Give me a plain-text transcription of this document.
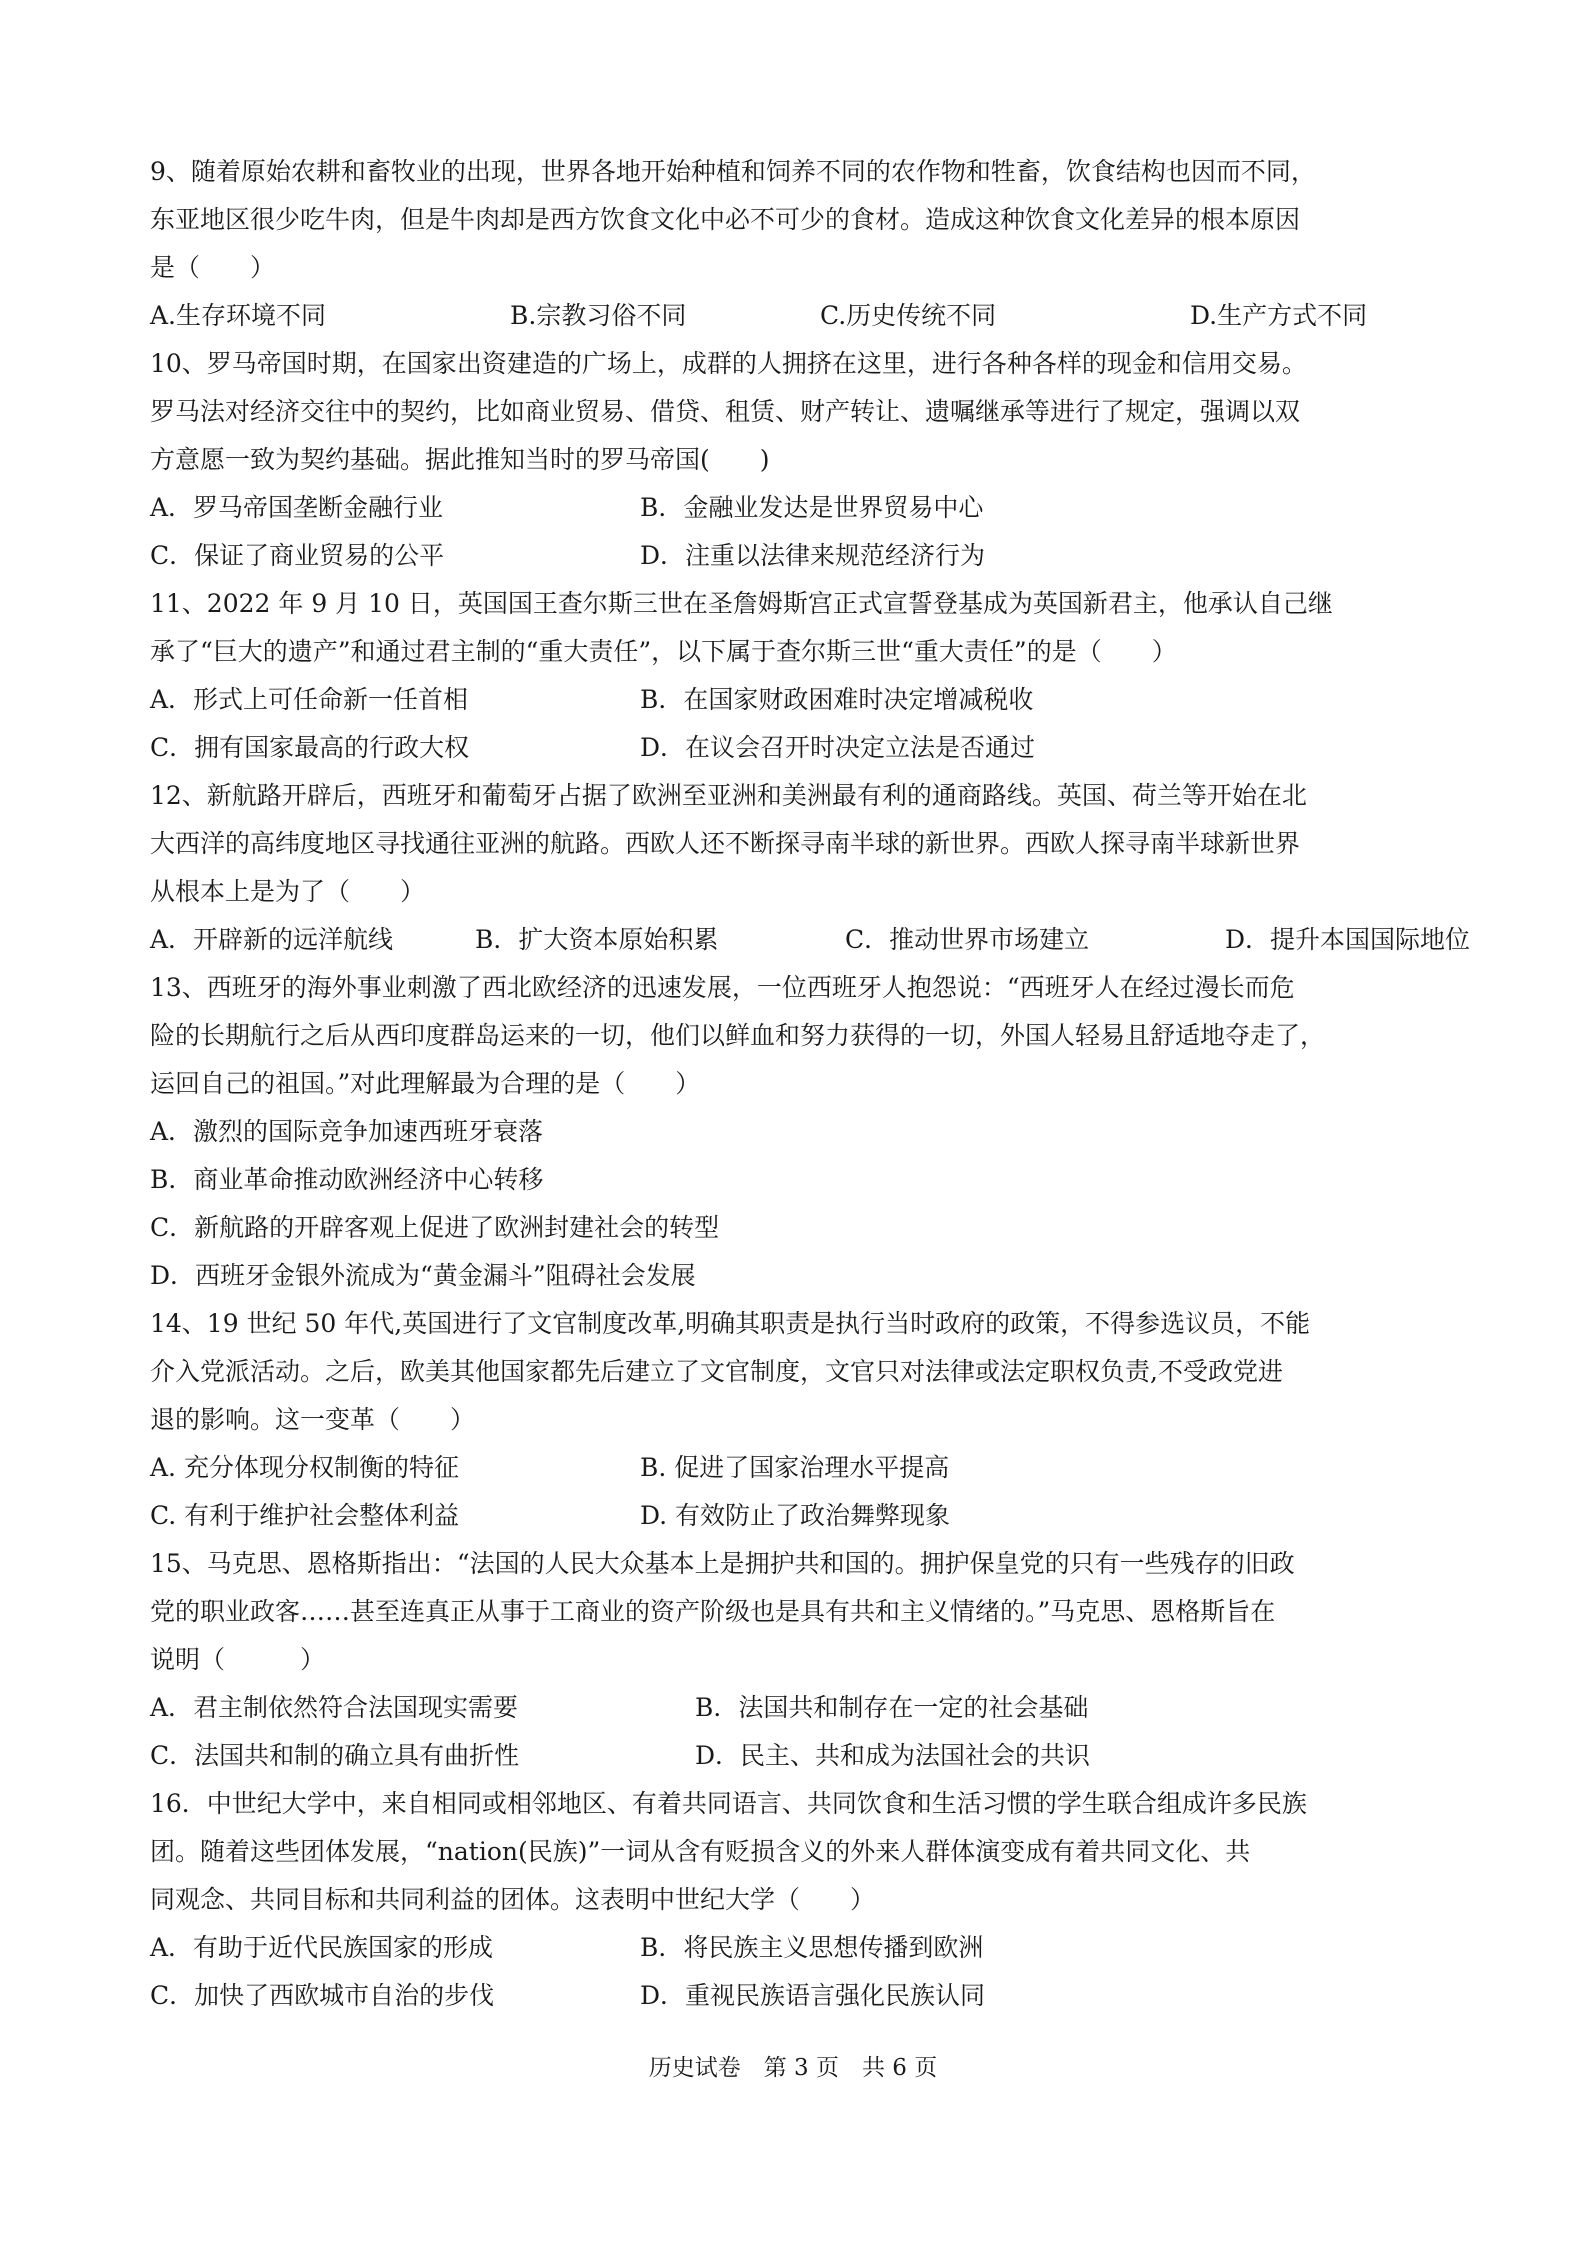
9、随着原始农耕和畜牧业的出现，世界各地开始种植和饲养不同的农作物和牲畜，饮食结构也因而不同，
东亚地区很少吃牛肉，但是牛肉却是西方饮食文化中必不可少的食材。造成这种饮食文化差异的根本原因
是（　　）
A.生存环境不同	B.宗教习俗不同	C.历史传统不同	D.生产方式不同
10、罗马帝国时期，在国家出资建造的广场上，成群的人拥挤在这里，进行各种各样的现金和信用交易。
罗马法对经济交往中的契约，比如商业贸易、借贷、租赁、财产转让、遗嘱继承等进行了规定，强调以双
方意愿一致为契约基础。据此推知当时的罗马帝国(　　)
A．罗马帝国垄断金融行业	B．金融业发达是世界贸易中心
C．保证了商业贸易的公平	D．注重以法律来规范经济行为
11、2022 年 9 月 10 日，英国国王查尔斯三世在圣詹姆斯宫正式宣誓登基成为英国新君主，他承认自己继
承了“巨大的遗产”和通过君主制的“重大责任”，以下属于查尔斯三世“重大责任”的是（　　）
A．形式上可任命新一任首相	B．在国家财政困难时决定增减税收
C．拥有国家最高的行政大权	D．在议会召开时决定立法是否通过
12、新航路开辟后，西班牙和葡萄牙占据了欧洲至亚洲和美洲最有利的通商路线。英国、荷兰等开始在北
大西洋的高纬度地区寻找通往亚洲的航路。西欧人还不断探寻南半球的新世界。西欧人探寻南半球新世界
从根本上是为了（　　）
A．开辟新的远洋航线	B．扩大资本原始积累	C．推动世界市场建立	D．提升本国国际地位
13、西班牙的海外事业刺激了西北欧经济的迅速发展，一位西班牙人抱怨说：“西班牙人在经过漫长而危
险的长期航行之后从西印度群岛运来的一切，他们以鲜血和努力获得的一切，外国人轻易且舒适地夺走了，
运回自己的祖国。”对此理解最为合理的是（　　）
A．激烈的国际竞争加速西班牙衰落
B．商业革命推动欧洲经济中心转移
C．新航路的开辟客观上促进了欧洲封建社会的转型
D．西班牙金银外流成为“黄金漏斗”阻碍社会发展
14、19 世纪 50 年代,英国进行了文官制度改革,明确其职责是执行当时政府的政策，不得参选议员，不能
介入党派活动。之后，欧美其他国家都先后建立了文官制度，文官只对法律或法定职权负责,不受政党进
退的影响。这一变革（　　）
A. 充分体现分权制衡的特征	B. 促进了国家治理水平提高
C. 有利于维护社会整体利益	D. 有效防止了政治舞弊现象
15、马克思、恩格斯指出：“法国的人民大众基本上是拥护共和国的。拥护保皇党的只有一些残存的旧政
党的职业政客……甚至连真正从事于工商业的资产阶级也是具有共和主义情绪的。”马克思、恩格斯旨在
说明（　　　）
A．君主制依然符合法国现实需要	B．法国共和制存在一定的社会基础
C．法国共和制的确立具有曲折性	D．民主、共和成为法国社会的共识
16．中世纪大学中，来自相同或相邻地区、有着共同语言、共同饮食和生活习惯的学生联合组成许多民族
团。随着这些团体发展，“nation(民族)”一词从含有贬损含义的外来人群体演变成有着共同文化、共
同观念、共同目标和共同利益的团体。这表明中世纪大学（　　）
A．有助于近代民族国家的形成	B．将民族主义思想传播到欧洲
C．加快了西欧城市自治的步伐	D．重视民族语言强化民族认同
历史试卷　第 3 页　共 6 页
